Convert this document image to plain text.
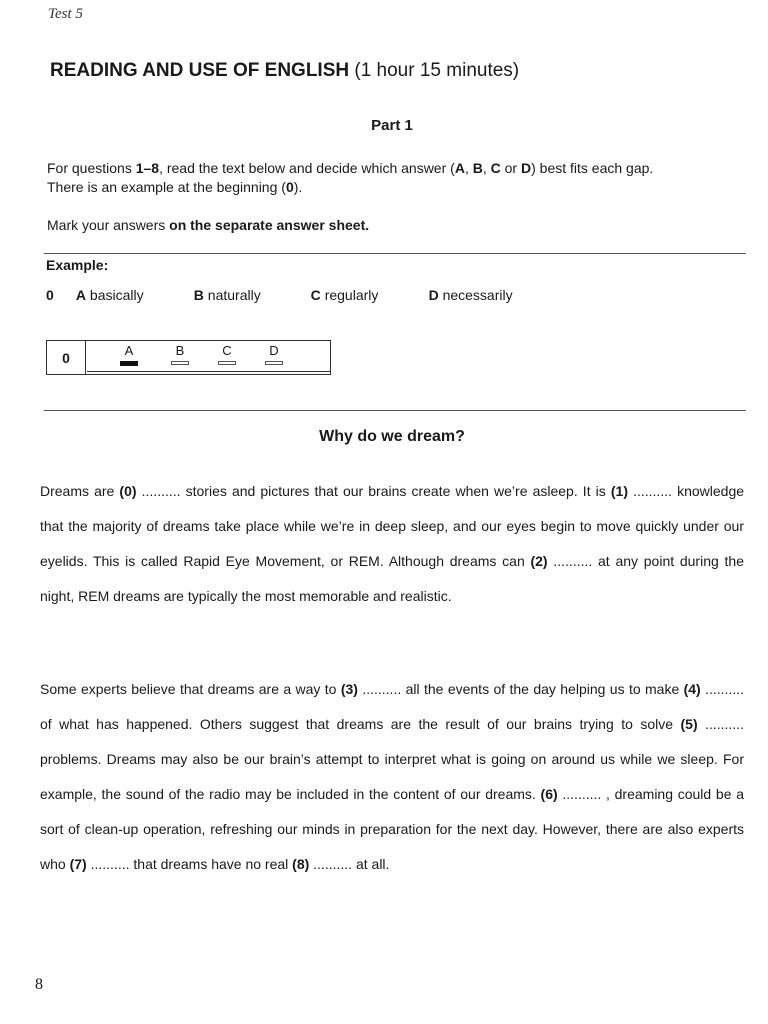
Test 5
READING AND USE OF ENGLISH (1 hour 15 minutes)
Part 1
For questions 1–8, read the text below and decide which answer (A, B, C or D) best fits each gap.
There is an example at the beginning (0).
Mark your answers on the separate answer sheet.
Example:
0 A basically	B naturally	C regularly	D necessarily
0	A	B	C	D
Why do we dream?

Dreams are (0) .......... stories and pictures that our brains create when we’re asleep. It is (1) .......... knowledge that the majority of dreams take place while we’re in deep sleep, and our eyes begin to move quickly under our eyelids. This is called Rapid Eye Movement, or REM. Although dreams can (2) .......... at any point during the night, REM dreams are typically the most memorable and realistic.

Some experts believe that dreams are a way to (3) .......... all the events of the day helping us to make (4) .......... of what has happened. Others suggest that dreams are the result of our brains trying to solve (5) .......... problems. Dreams may also be our brain’s attempt to interpret what is going on around us while we sleep. For example, the sound of the radio may be included in the content of our dreams. (6) .......... , dreaming could be a sort of clean-up operation, refreshing our minds in preparation for the next day. However, there are also experts who (7) .......... that dreams have no real (8) .......... at all.

8
